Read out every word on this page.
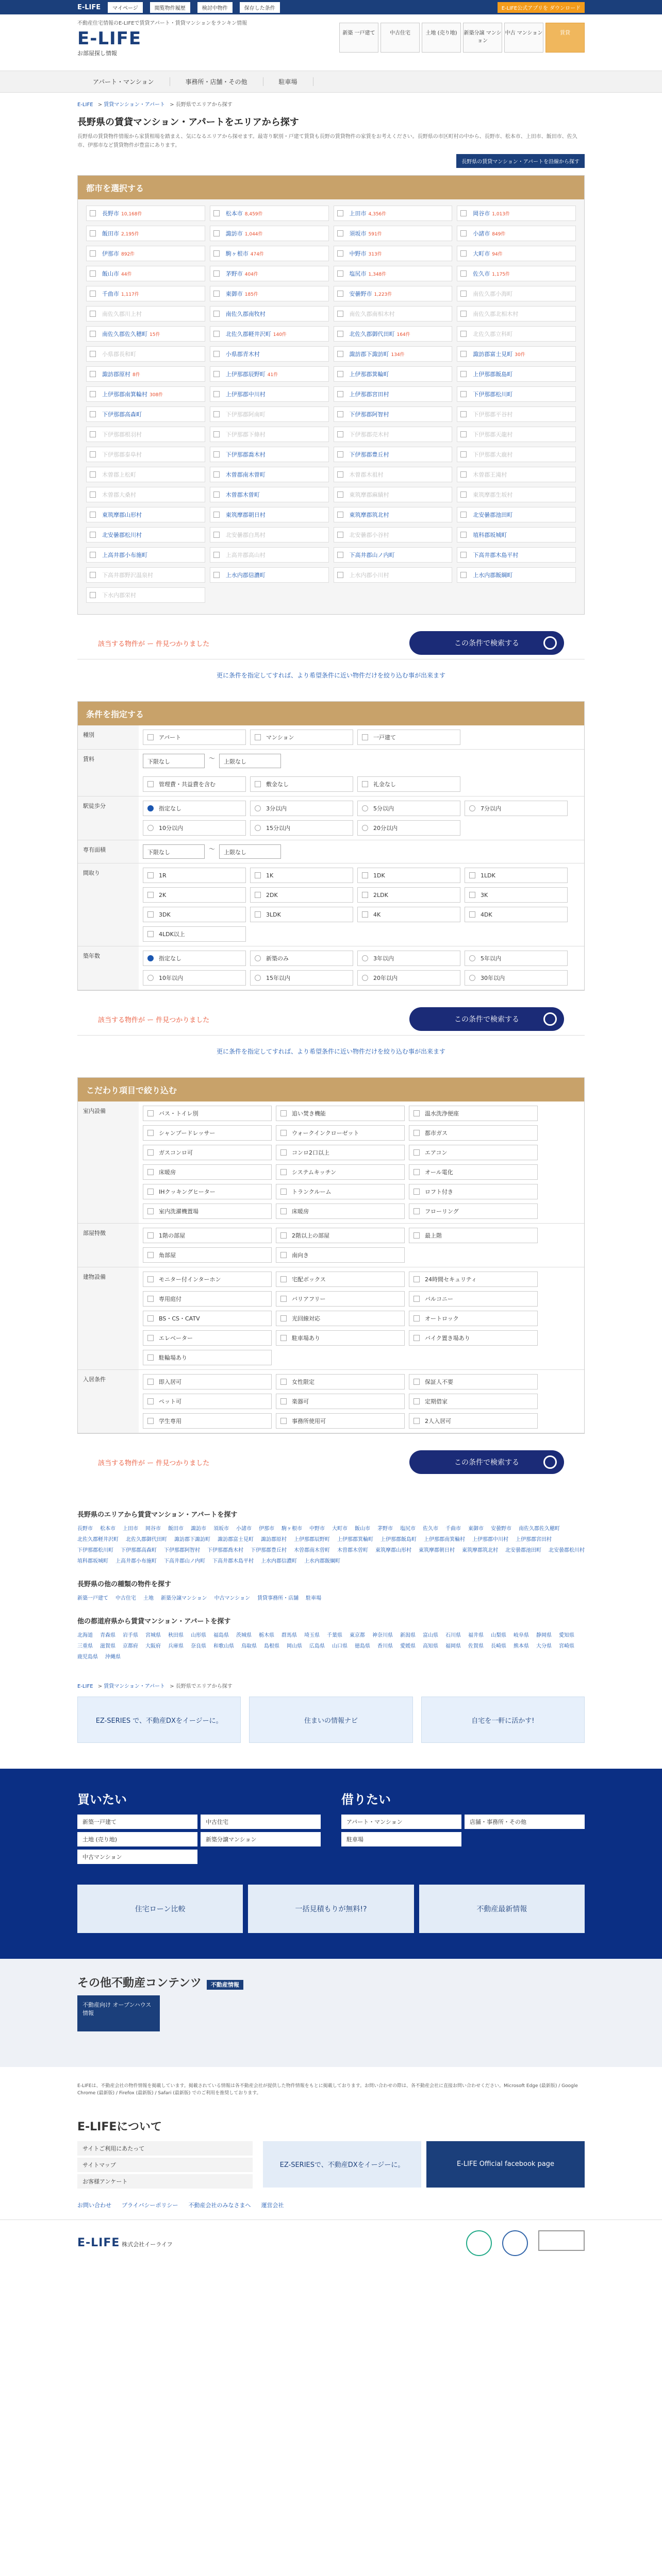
E-LIFE	マイページ	閲覧物件履歴	検討中物件	保存した条件	E-LIFE公式アプリを ダウンロード
不動産住宅情報のE-LIFEで賃貸アパート・賃貸マンションをランキン情報
E-LIFE
お部屋探し情報
新築 一戸建て	中古住宅	土地 (売り地)	新築分譲 マンション
中古 マンション	賃貸
アパート・マンション	事務所・店舗・その他	駐車場
E-LIFE > 賃貸マンション・アパート > 長野県でエリアから探す
長野県の賃貸マンション・アパートをエリアから探す

長野県の賃貸物件情報から家賃相場を踏まえ、気になるエリアから探せます。最寄り駅別・戸建て賃貸も長野の賃貸物件の家賃をお考えください。長野県の市区町村の中から、長野市、松本市、上田市、飯田市、佐久市、伊那市など賃貸物件が豊富にあります。

長野県の賃貸マンション・アパートを沿線から探す
都市を選択する
長野市 10,168件	松本市 8,459件	上田市 4,356件	岡谷市 1,013件
飯田市 2,195件	諏訪市 1,044件	須坂市 591件	小諸市 849件
伊那市 892件	駒ヶ根市 474件	中野市 313件	大町市 94件
飯山市 44件	茅野市 404件	塩尻市 1,348件	佐久市 1,175件
千曲市 1,117件	東御市 185件	安曇野市 1,223件	南佐久郡小海町
南佐久郡川上村	南佐久郡南牧村	南佐久郡南相木村	南佐久郡北相木村
南佐久郡佐久穂町 15件	北佐久郡軽井沢町 140件	北佐久郡御代田町 164件	北佐久郡立科町
小県郡長和町	小県郡青木村	諏訪郡下諏訪町 134件	諏訪郡富士見町 30件
諏訪郡原村 8件	上伊那郡辰野町 41件	上伊那郡箕輪町	上伊那郡飯島町
上伊那郡南箕輪村 308件	上伊那郡中川村	上伊那郡宮田村	下伊那郡松川町
下伊那郡高森町	下伊那郡阿南町	下伊那郡阿智村	下伊那郡平谷村
下伊那郡根羽村	下伊那郡下條村	下伊那郡売木村	下伊那郡天龍村
下伊那郡泰阜村	下伊那郡喬木村	下伊那郡豊丘村	下伊那郡大鹿村
木曽郡上松町	木曽郡南木曽町	木曽郡木祖村	木曽郡王滝村
木曽郡大桑村	木曽郡木曽町	東筑摩郡麻績村	東筑摩郡生坂村
東筑摩郡山形村	東筑摩郡朝日村	東筑摩郡筑北村	北安曇郡池田町
北安曇郡松川村	北安曇郡白馬村	北安曇郡小谷村	埴科郡坂城町
上高井郡小布施町	上高井郡高山村	下高井郡山ノ内町	下高井郡木島平村
下高井郡野沢温泉村	上水内郡信濃町	上水内郡小川村	上水内郡飯綱町
下水内郡栄村
該当する物件が ー 件見つかりました	この条件で検索する
更に条件を指定してすれば、より希望条件に近い物件だけを絞り込む事が出来ます
条件を指定する
種別	アパート	マンション	一戸建て
賃料	下限なし	〜	上限なし
管理費・共益費を含む	敷金なし	礼金なし
駅徒歩分	指定なし	3分以内	5分以内	7分以内
10分以内	15分以内	20分以内
専有面積	下限なし	〜	上限なし
間取り	1R	1K	1DK	1LDK
2K	2DK	2LDK	3K
3DK	3LDK	4K	4DK
4LDK以上
築年数	指定なし	新築のみ	3年以内	5年以内
10年以内	15年以内	20年以内	30年以内
該当する物件が ー 件見つかりました	この条件で検索する
更に条件を指定してすれば、より希望条件に近い物件だけを絞り込む事が出来ます
こだわり項目で絞り込む
室内設備	バス・トイレ別	追い焚き機能	温水洗浄便座
シャンプードレッサー	ウォークインクローゼット	都市ガス
ガスコンロ可	コンロ2口以上	エアコン
床暖房	システムキッチン	オール電化
IHクッキングヒーター	トランクルーム	ロフト付き
室内洗濯機置場	床暖房	フローリング
部屋特徴	1階の部屋	2階以上の部屋	最上階
角部屋	南向き
建物設備	モニター付インターホン	宅配ボックス	24時間セキュリティ
専用庭付	バリアフリー	バルコニー
BS・CS・CATV	光回線対応	オートロック
エレベーター	駐車場あり	バイク置き場あり
駐輪場あり
入居条件	即入居可	女性限定	保証人不要
ペット可	楽器可	定期借家
学生専用	事務所使用可	2人入居可
該当する物件が ー 件見つかりました	この条件で検索する
長野県のエリアから賃貸マンション・アパートを探す
長野市 松本市 上田市 岡谷市 飯田市 諏訪市 須坂市 小諸市 伊那市 駒ヶ根市 中野市 大町市 飯山市 茅野市 塩尻市 佐久市 千曲市 東御市 安曇野市 南佐久郡佐久穂町
北佐久郡軽井沢町 北佐久郡御代田町 諏訪郡下諏訪町 諏訪郡富士見町 諏訪郡原村 上伊那郡辰野町 上伊那郡箕輪町 上伊那郡飯島町 上伊那郡南箕輪村 上伊那郡中川村 上伊那郡宮田村
下伊那郡松川町 下伊那郡高森町 下伊那郡阿智村 下伊那郡喬木村 下伊那郡豊丘村 木曽郡南木曽町 木曽郡木曽町 東筑摩郡山形村 東筑摩郡朝日村 東筑摩郡筑北村 北安曇郡池田町 北安曇郡松川村
埴科郡坂城町 上高井郡小布施町 下高井郡山ノ内町 下高井郡木島平村 上水内郡信濃町 上水内郡飯綱町
長野県の他の種類の物件を探す
新築一戸建て 中古住宅 土地 新築分譲マンション 中古マンション 賃貸事務所・店舗 駐車場
他の都道府県から賃貸マンション・アパートを探す
北海道 青森県 岩手県 宮城県 秋田県 山形県 福島県 茨城県 栃木県 群馬県 埼玉県 千葉県 東京都 神奈川県 新潟県 富山県 石川県 福井県 山梨県 岐阜県 静岡県 愛知県
三重県 滋賀県 京都府 大阪府 兵庫県 奈良県 和歌山県 鳥取県 島根県 岡山県 広島県 山口県 徳島県 香川県 愛媛県 高知県 福岡県 佐賀県 長崎県 熊本県 大分県 宮崎県
鹿児島県 沖縄県
E-LIFE > 賃貸マンション・アパート > 長野県でエリアから探す
EZ-SERIES で、不動産DXをイージーに。	住まいの情報ナビ	自宅を一軒に活かす!
買いたい
新築一戸建て	中古住宅
土地 (売り地)	新築分譲マンション
中古マンション
借りたい
アパート・マンション	店舗・事務所・その他
駐車場
住宅ローン比較	一括見積もりが無料!?	不動産最新情報
その他不動産コンテンツ 不動産情報
不動産向け オープンハウス情報
E-LIFEは、不動産会社の物件情報を掲載しています。掲載されている情報は各不動産会社が提供した物件情報をもとに掲載しております。お問い合わせの際は、各不動産会社に直接お問い合わせください。Microsoft Edge (最新版) / Google Chrome (最新版) / Firefox (最新版) / Safari (最新版) でのご利用を推奨しております。
E-LIFEについて
サイトご利用にあたって
サイトマップ
お客様アンケート
EZ-SERIESで、不動産DXをイージーに。	E-LIFE Official facebook page
お問い合わせ プライバシーポリシー 不動産会社のみなさまへ 運営会社
E-LIFE 株式会社イーライフ
